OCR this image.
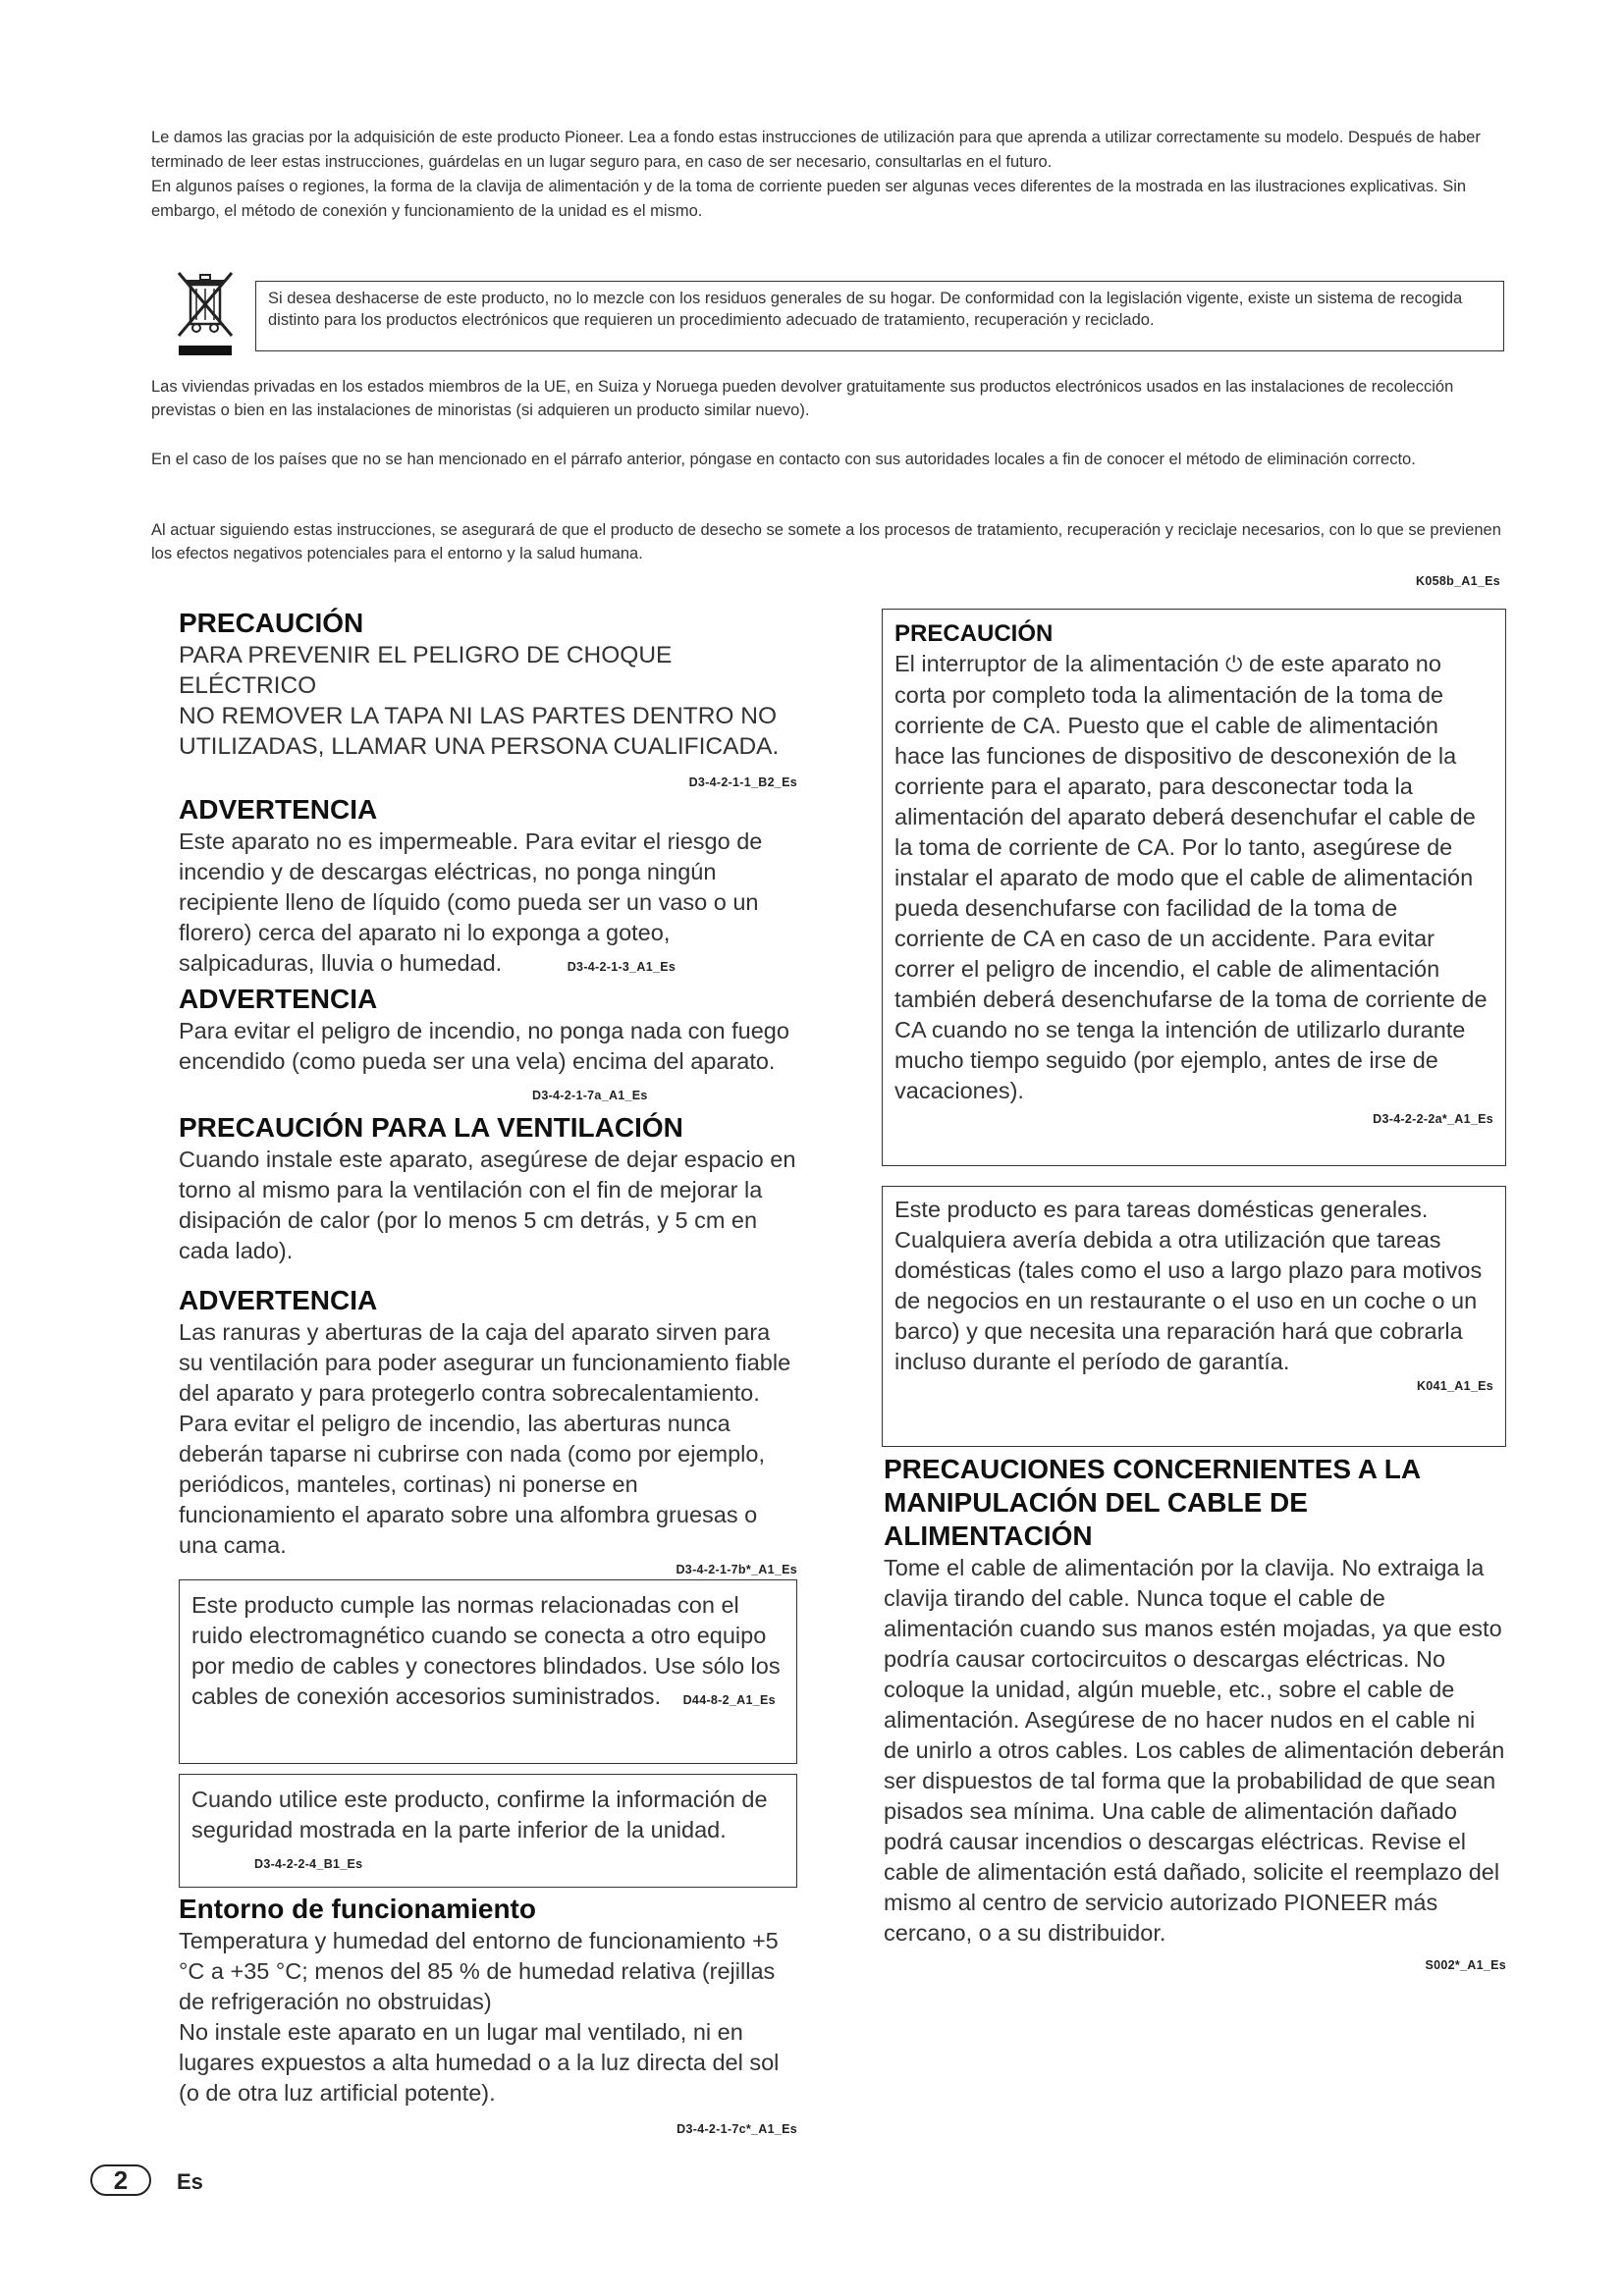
Le damos las gracias por la adquisición de este producto Pioneer. Lea a fondo estas instrucciones de utilización para que aprenda a utilizar correctamente su modelo. Después de haber terminado de leer estas instrucciones, guárdelas en un lugar seguro para, en caso de ser necesario, consultarlas en el futuro.

En algunos países o regiones, la forma de la clavija de alimentación y de la toma de corriente pueden ser algunas veces diferentes de la mostrada en las ilustraciones explicativas. Sin embargo, el método de conexión y funcionamiento de la unidad es el mismo.

Si desea deshacerse de este producto, no lo mezcle con los residuos generales de su hogar. De conformidad con la legislación vigente, existe un sistema de recogida distinto para los productos electrónicos que requieren un procedimiento adecuado de tratamiento, recuperación y reciclado.

Las viviendas privadas en los estados miembros de la UE, en Suiza y Noruega pueden devolver gratuitamente sus productos electrónicos usados en las instalaciones de recolección previstas o bien en las instalaciones de minoristas (si adquieren un producto similar nuevo).

En el caso de los países que no se han mencionado en el párrafo anterior, póngase en contacto con sus autoridades locales a fin de conocer el método de eliminación correcto.

Al actuar siguiendo estas instrucciones, se asegurará de que el producto de desecho se somete a los procesos de tratamiento, recuperación y reciclaje necesarios, con lo que se previenen los efectos negativos potenciales para el entorno y la salud humana.

K058b_A1_Es
PRECAUCIÓN

PARA PREVENIR EL PELIGRO DE CHOQUE ELÉCTRICO

NO REMOVER LA TAPA NI LAS PARTES DENTRO NO

UTILIZADAS, LLAMAR UNA PERSONA CUALIFICADA.

D3-4-2-1-1_B2_Es
ADVERTENCIA

Este aparato no es impermeable. Para evitar el riesgo de incendio y de descargas eléctricas, no ponga ningún recipiente lleno de líquido (como pueda ser un vaso o un florero) cerca del aparato ni lo exponga a goteo, salpicaduras, lluvia o humedad.	D3-4-2-1-3_A1_Es

ADVERTENCIA

Para evitar el peligro de incendio, no ponga nada con fuego encendido (como pueda ser una vela) encima del aparato. D3-4-2-1-7a_A1_Es

PRECAUCIÓN PARA LA VENTILACIÓN

Cuando instale este aparato, asegúrese de dejar espacio en torno al mismo para la ventilación con el fin de mejorar la disipación de calor (por lo menos 5 cm detrás, y 5 cm en cada lado).

ADVERTENCIA

Las ranuras y aberturas de la caja del aparato sirven para su ventilación para poder asegurar un funcionamiento fiable del aparato y para protegerlo contra sobrecalentamiento. Para evitar el peligro de incendio, las aberturas nunca deberán taparse ni cubrirse con nada (como por ejemplo, periódicos, manteles, cortinas) ni ponerse en funcionamiento el aparato sobre una alfombra gruesas o una cama.

D3-4-2-1-7b*_A1_Es

Este producto cumple las normas relacionadas con el ruido electromagnético cuando se conecta a otro equipo por medio de cables y conectores blindados. Use sólo los cables de conexión accesorios suministrados. D44-8-2_A1_Es

Cuando utilice este producto, confirme la información de seguridad mostrada en la parte inferior de la unidad. D3-4-2-2-4_B1_Es

Entorno de funcionamiento

Temperatura y humedad del entorno de funcionamiento +5 °C a +35 °C; menos del 85 % de humedad relativa (rejillas de refrigeración no obstruidas)

No instale este aparato en un lugar mal ventilado, ni en lugares expuestos a alta humedad o a la luz directa del sol (o de otra luz artificial potente).

D3-4-2-1-7c*_A1_Es
PRECAUCIÓN

El interruptor de la alimentación ⏻ de este aparato no corta por completo toda la alimentación de la toma de corriente de CA. Puesto que el cable de alimentación hace las funciones de dispositivo de desconexión de la corriente para el aparato, para desconectar toda la alimentación del aparato deberá desenchufar el cable de la toma de corriente de CA. Por lo tanto, asegúrese de instalar el aparato de modo que el cable de alimentación pueda desenchufarse con facilidad de la toma de corriente de CA en caso de un accidente. Para evitar correr el peligro de incendio, el cable de alimentación también deberá desenchufarse de la toma de corriente de CA cuando no se tenga la intención de utilizarlo durante mucho tiempo seguido (por ejemplo, antes de irse de vacaciones).

D3-4-2-2-2a*_A1_Es

Este producto es para tareas domésticas generales. Cualquiera avería debida a otra utilización que tareas domésticas (tales como el uso a largo plazo para motivos de negocios en un restaurante o el uso en un coche o un barco) y que necesita una reparación hará que cobrarla incluso durante el período de garantía.

K041_A1_Es
PRECAUCIONES CONCERNIENTES A LA MANIPULACIÓN DEL CABLE DE ALIMENTACIÓN

Tome el cable de alimentación por la clavija. No extraiga la clavija tirando del cable. Nunca toque el cable de alimentación cuando sus manos estén mojadas, ya que esto podría causar cortocircuitos o descargas eléctricas. No coloque la unidad, algún mueble, etc., sobre el cable de alimentación. Asegúrese de no hacer nudos en el cable ni de unirlo a otros cables. Los cables de alimentación deberán ser dispuestos de tal forma que la probabilidad de que sean pisados sea mínima. Una cable de alimentación dañado podrá causar incendios o descargas eléctricas. Revise el cable de alimentación está dañado, solicite el reemplazo del mismo al centro de servicio autorizado PIONEER más cercano, o a su distribuidor.

S002*_A1_Es
2	Es
